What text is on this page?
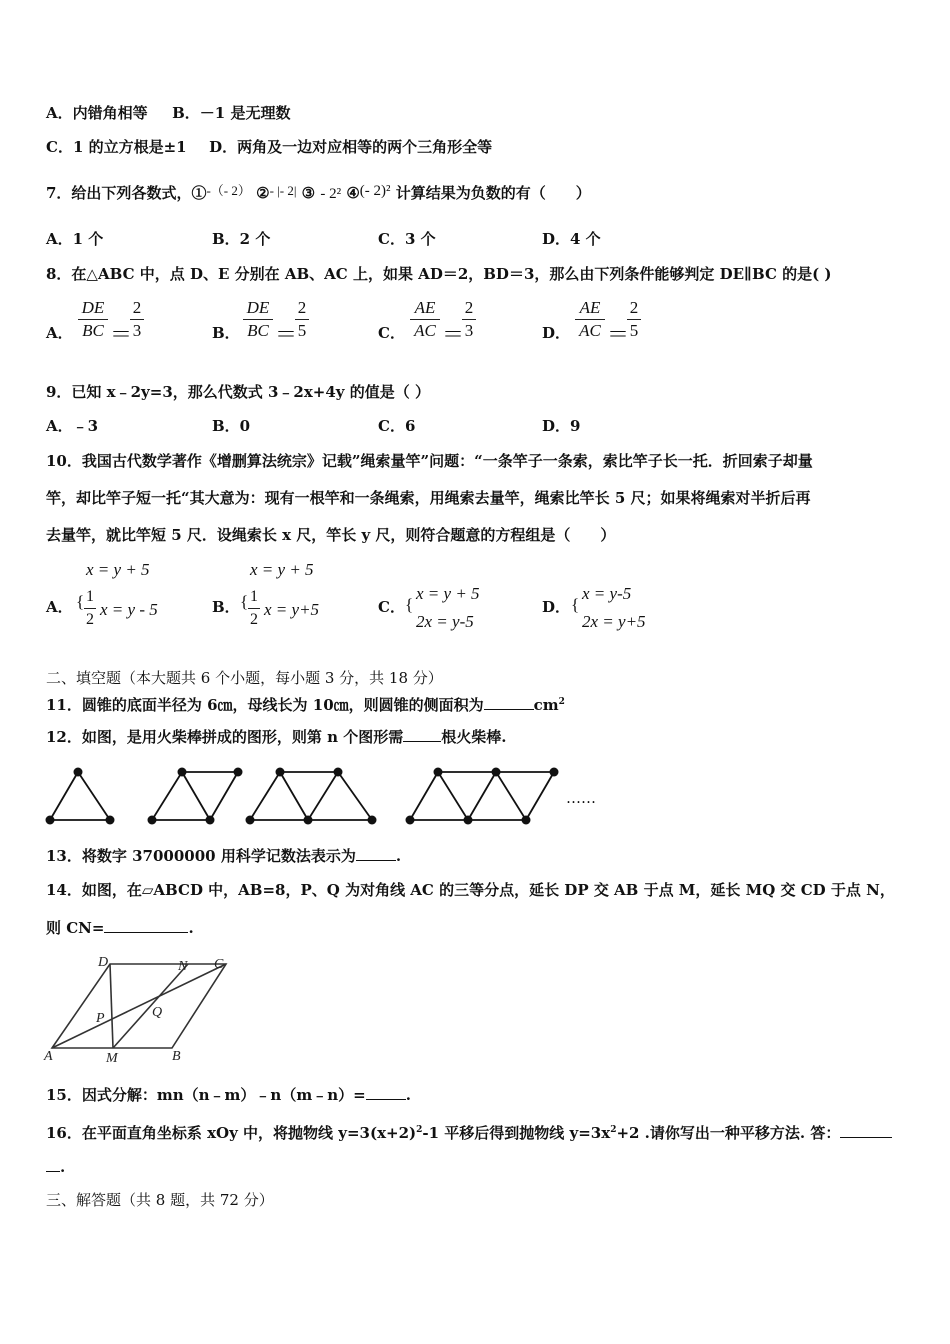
A．内错角相等 B．－1 是无理数
C．1 的立方根是±1 D．两角及一边对应相等的两个三角形全等
7．给出下列各数式，①-（- 2） ②- |- 2| ③ - 2² ④(- 2)² 计算结果为负数的有（　　）
A．1 个	B．2 个	C．3 个	D．4 个
8．在△ABC 中，点 D、E 分别在 AB、AC 上，如果 AD＝2，BD＝3，那么由下列条件能够判定 DE∥BC 的是( )
A．
DE
BC ＝
2
3	B．
DE
BC ＝
2
5	C．
AE
AC ＝
2
3	D．
AE
AC ＝
2
5
9．已知 x﹣2y=3，那么代数式 3﹣2x+4y 的值是（ ）
A．﹣3	B．0	C．6	D．9
10．我国古代数学著作《增删算法统宗》记载”绳索量竿”问题：“一条竿子一条索，索比竿子长一托．折回索子却量
竿，却比竿子短一托“其大意为：现有一根竿和一条绳索，用绳索去量竿，绳索比竿长 5 尺；如果将绳索对半折后再
去量竿，就比竿短 5 尺．设绳索长 x 尺，竿长 y 尺，则符合题意的方程组是（　　）
A．
x = y + 5
{ 1
2
x = y - 5	B．
x = y + 5
{ 1
2
x = y+5	C． {
x = y + 5
2x = y-5
D． {
x = y-5
2x = y+5
二、填空题（本大题共 6 个小题，每小题 3 分，共 18 分）
11．圆锥的底面半径为 6㎝，母线长为 10㎝，则圆锥的侧面积为	$cm^2$
12．如图，是用火柴棒拼成的图形，则第 n 个图形需	根火柴棒.
……
13．将数字 37000000 用科学记数法表示为	.
14．如图，在▱ABCD 中，AB=8，P、Q 为对角线 AC 的三等分点，延长 DP 交 AB 于点 M，延长 MQ 交 CD 于点 N，
则 CN=	.
D	N C
P	Q
A	M	B
15．因式分解：mn（n﹣m）﹣n（m﹣n）=	.
16．在平面直角坐标系 xOy 中，将抛物线 $y=3(x+2)^2-1$ 平移后得到抛物线 $y=3x^2+2$ .请你写出一种平移方法. 答：
.
三、解答题（共 8 题，共 72 分）
